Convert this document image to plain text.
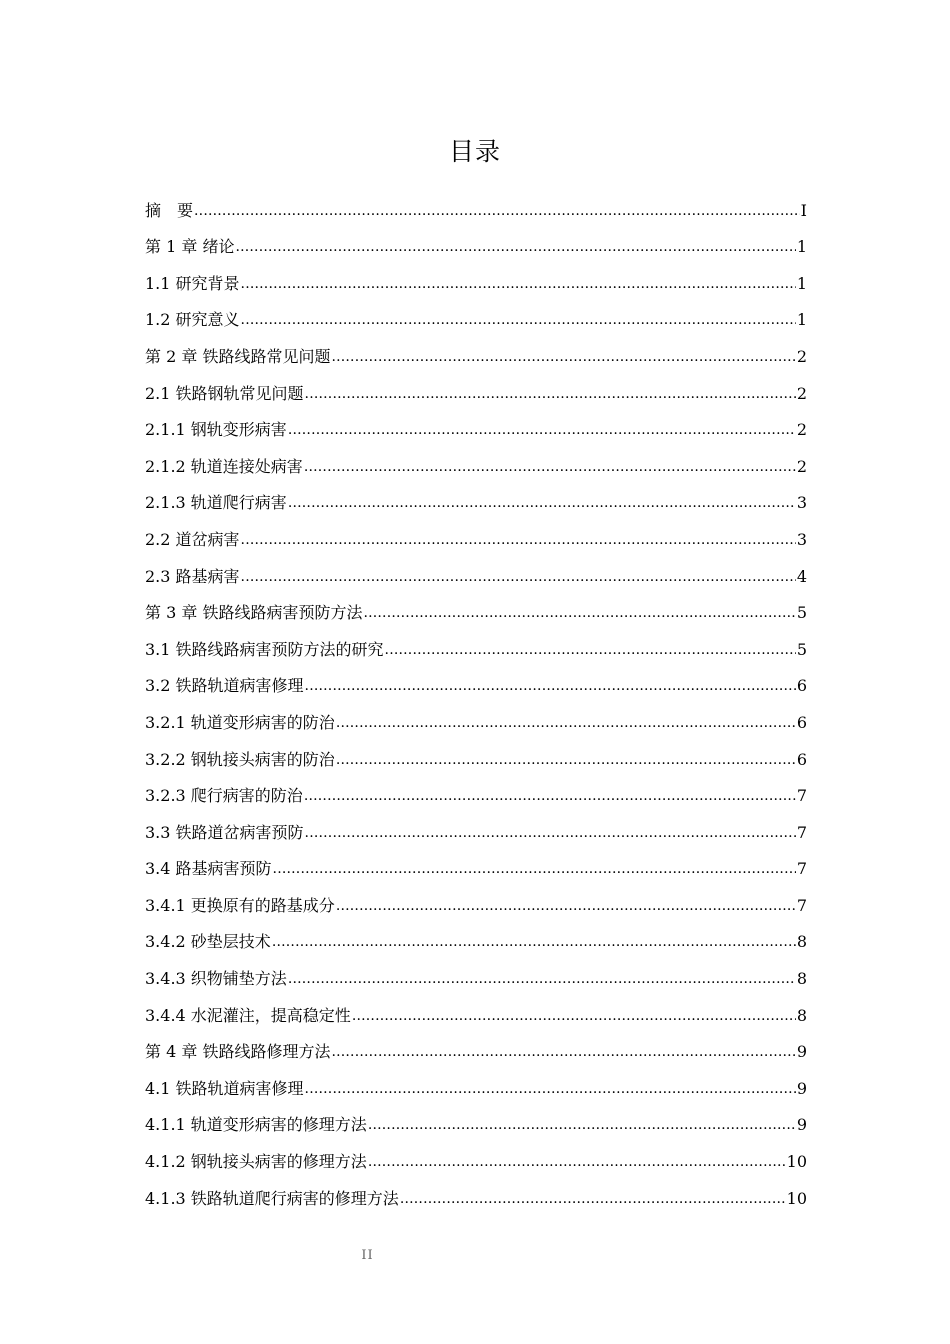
目录
摘　要 .....	I
第 1 章 绪论 .....	1
1.1 研究背景 .....	1
1.2 研究意义 .....	1
第 2 章 铁路线路常见问题 .....	2
2.1 铁路钢轨常见问题 .....	2
2.1.1 钢轨变形病害 .....	2
2.1.2 轨道连接处病害 .....	2
2.1.3 轨道爬行病害 .....	3
2.2 道岔病害 .....	3
2.3 路基病害 .....	4
第 3 章 铁路线路病害预防方法 .....	5
3.1 铁路线路病害预防方法的研究 .....	5
3.2 铁路轨道病害修理 .....	6
3.2.1 轨道变形病害的防治 .....	6
3.2.2 钢轨接头病害的防治 .....	6
3.2.3 爬行病害的防治 .....	7
3.3 铁路道岔病害预防 .....	7
3.4 路基病害预防 .....	7
3.4.1 更换原有的路基成分 .....	7
3.4.2 砂垫层技术 .....	8
3.4.3 织物铺垫方法 .....	8
3.4.4 水泥灌注，提高稳定性 .....	8
第 4 章 铁路线路修理方法 .....	9
4.1 铁路轨道病害修理 .....	9
4.1.1 轨道变形病害的修理方法 .....	9
4.1.2 钢轨接头病害的修理方法 .....	10
4.1.3 铁路轨道爬行病害的修理方法 .....	10
II
